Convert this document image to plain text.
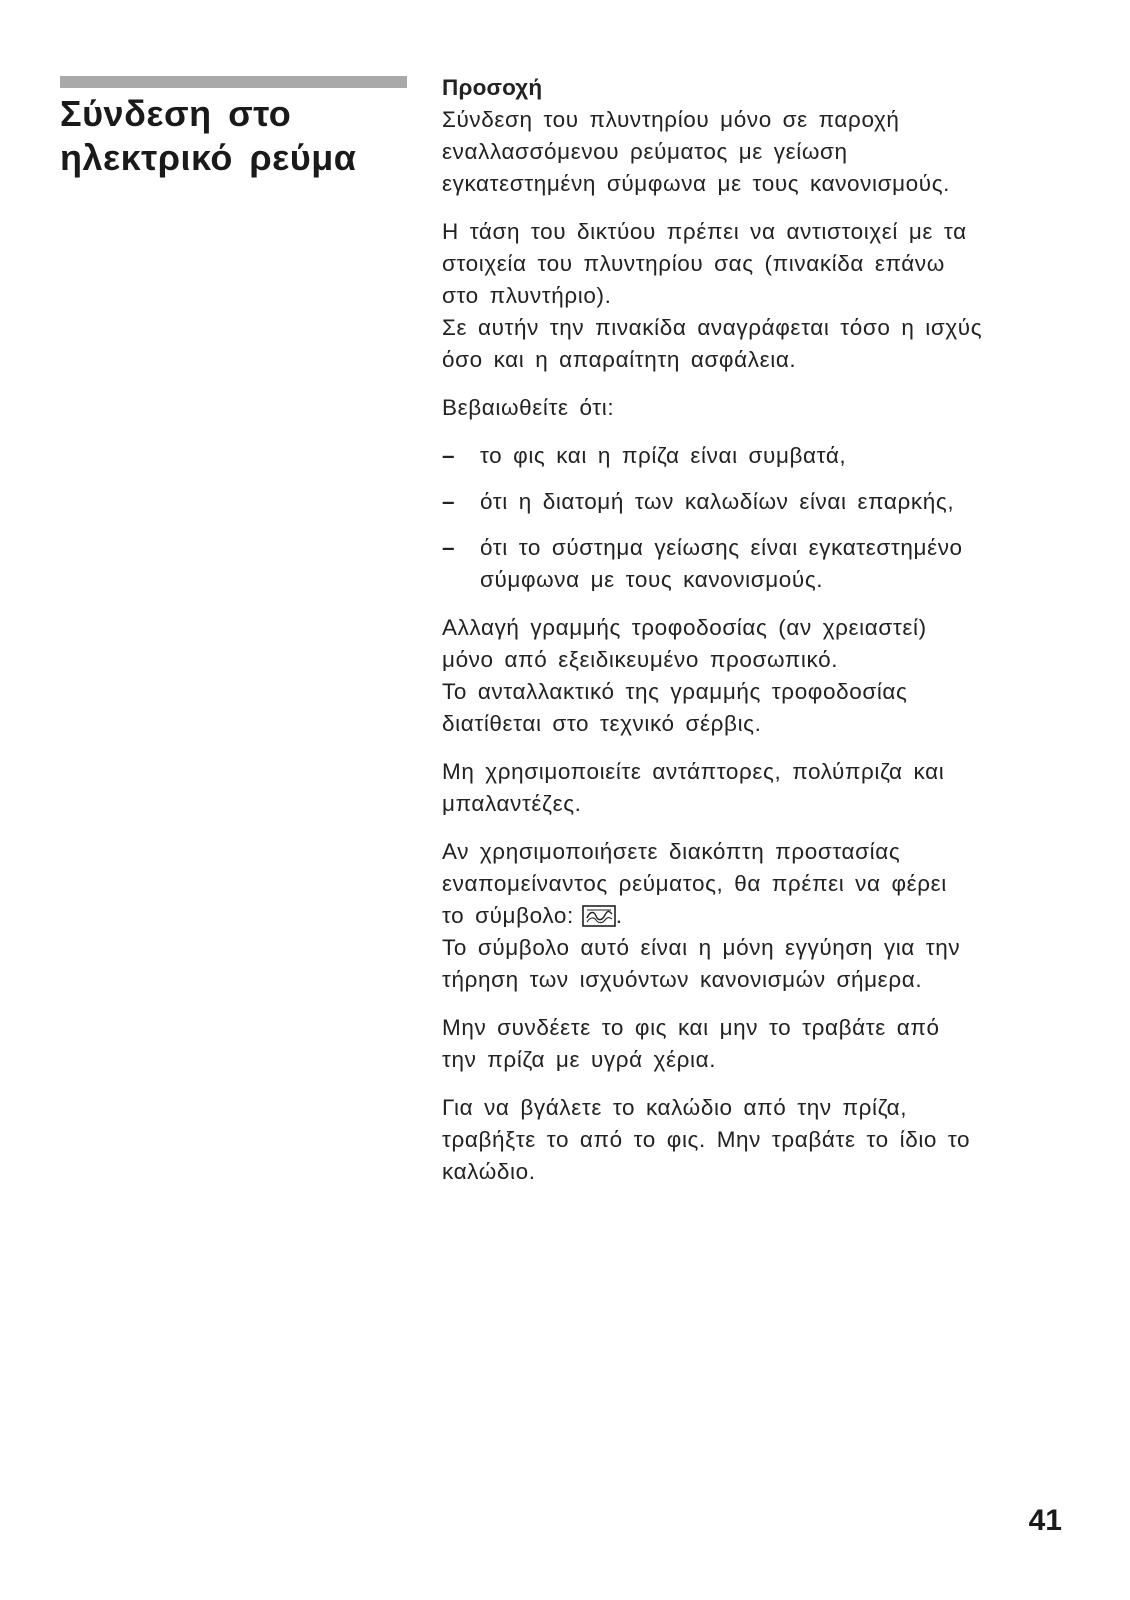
Σύνδεση στο
ηλεκτρικό ρεύμα

Προσοχή
Σύνδεση του πλυντηρίου μόνο σε παροχή
εναλλασσόμενου ρεύματος με γείωση
εγκατεστημένη σύμφωνα με τους κανονισμούς.

Η τάση του δικτύου πρέπει να αντιστοιχεί με τα
στοιχεία του πλυντηρίου σας (πινακίδα επάνω
στο πλυντήριο).
Σε αυτήν την πινακίδα αναγράφεται τόσο η ισχύς
όσο και η απαραίτητη ασφάλεια.

Βεβαιωθείτε ότι:

– το φις και η πρίζα είναι συμβατά,
– ότι η διατομή των καλωδίων είναι επαρκής,
– ότι το σύστημα γείωσης είναι εγκατεστημένο
σύμφωνα με τους κανονισμούς.

Αλλαγή γραμμής τροφοδοσίας (αν χρειαστεί)
μόνο από εξειδικευμένο προσωπικό.
Το ανταλλακτικό της γραμμής τροφοδοσίας
διατίθεται στο τεχνικό σέρβις.

Μη χρησιμοποιείτε αντάπτορες, πολύπριζα και
μπαλαντέζες.

Αν χρησιμοποιήσετε διακόπτη προστασίας
εναπομείναντος ρεύματος, θα πρέπει να φέρει
το σύμβολο: .
Το σύμβολο αυτό είναι η μόνη εγγύηση για την
τήρηση των ισχυόντων κανονισμών σήμερα.

Μην συνδέετε το φις και μην το τραβάτε από
την πρίζα με υγρά χέρια.

Για να βγάλετε το καλώδιο από την πρίζα,
τραβήξτε το από το φις. Μην τραβάτε το ίδιο το
καλώδιο.

41
